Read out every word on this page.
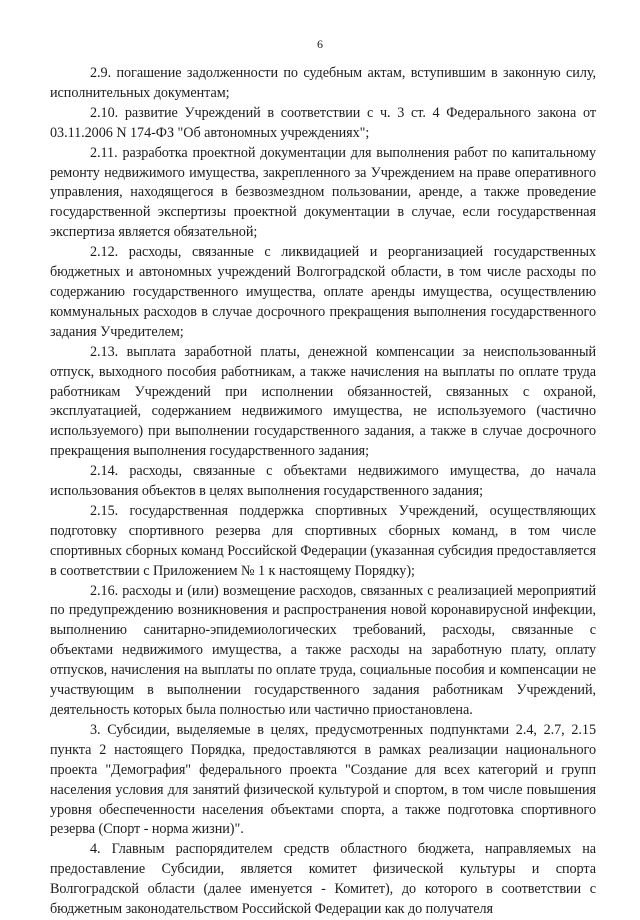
6

2.9. погашение задолженности по судебным актам, вступившим в законную силу, исполнительных документам;

2.10. развитие Учреждений в соответствии с ч. 3 ст. 4 Федерального закона от 03.11.2006 N 174-ФЗ "Об автономных учреждениях";

2.11. разработка проектной документации для выполнения работ по капитальному ремонту недвижимого имущества, закрепленного за Учреждением на праве оперативного управления, находящегося в безвозмездном пользовании, аренде, а также проведение государственной экспертизы проектной документации в случае, если государственная экспертиза является обязательной;

2.12. расходы, связанные с ликвидацией и реорганизацией государственных бюджетных и автономных учреждений Волгоградской области, в том числе расходы по содержанию государственного имущества, оплате аренды имущества, осуществлению коммунальных расходов в случае досрочного прекращения выполнения государственного задания Учредителем;

2.13. выплата заработной платы, денежной компенсации за неиспользованный отпуск, выходного пособия работникам, а также начисления на выплаты по оплате труда работникам Учреждений при исполнении обязанностей, связанных с охраной, эксплуатацией, содержанием недвижимого имущества, не используемого (частично используемого) при выполнении государственного задания, а также в случае досрочного прекращения выполнения государственного задания;

2.14. расходы, связанные с объектами недвижимого имущества, до начала использования объектов в целях выполнения государственного задания;

2.15. государственная поддержка спортивных Учреждений, осуществляющих подготовку спортивного резерва для спортивных сборных команд, в том числе спортивных сборных команд Российской Федерации (указанная субсидия предоставляется в соответствии с Приложением № 1 к настоящему Порядку);

2.16. расходы и (или) возмещение расходов, связанных с реализацией мероприятий по предупреждению возникновения и распространения новой коронавирусной инфекции, выполнению санитарно-эпидемиологических требований, расходы, связанные с объектами недвижимого имущества, а также расходы на заработную плату, оплату отпусков, начисления на выплаты по оплате труда, социальные пособия и компенсации не участвующим в выполнении государственного задания работникам Учреждений, деятельность которых была полностью или частично приостановлена.

3. Субсидии, выделяемые в целях, предусмотренных подпунктами 2.4, 2.7, 2.15 пункта 2 настоящего Порядка, предоставляются в рамках реализации национального проекта "Демография" федерального проекта "Создание для всех категорий и групп населения условия для занятий физической культурой и спортом, в том числе повышения уровня обеспеченности населения объектами спорта, а также подготовка спортивного резерва (Спорт - норма жизни)".

4. Главным распорядителем средств областного бюджета, направляемых на предоставление Субсидии, является комитет физической культуры и спорта Волгоградской области (далее именуется - Комитет), до которого в соответствии с бюджетным законодательством Российской Федерации как до получателя
